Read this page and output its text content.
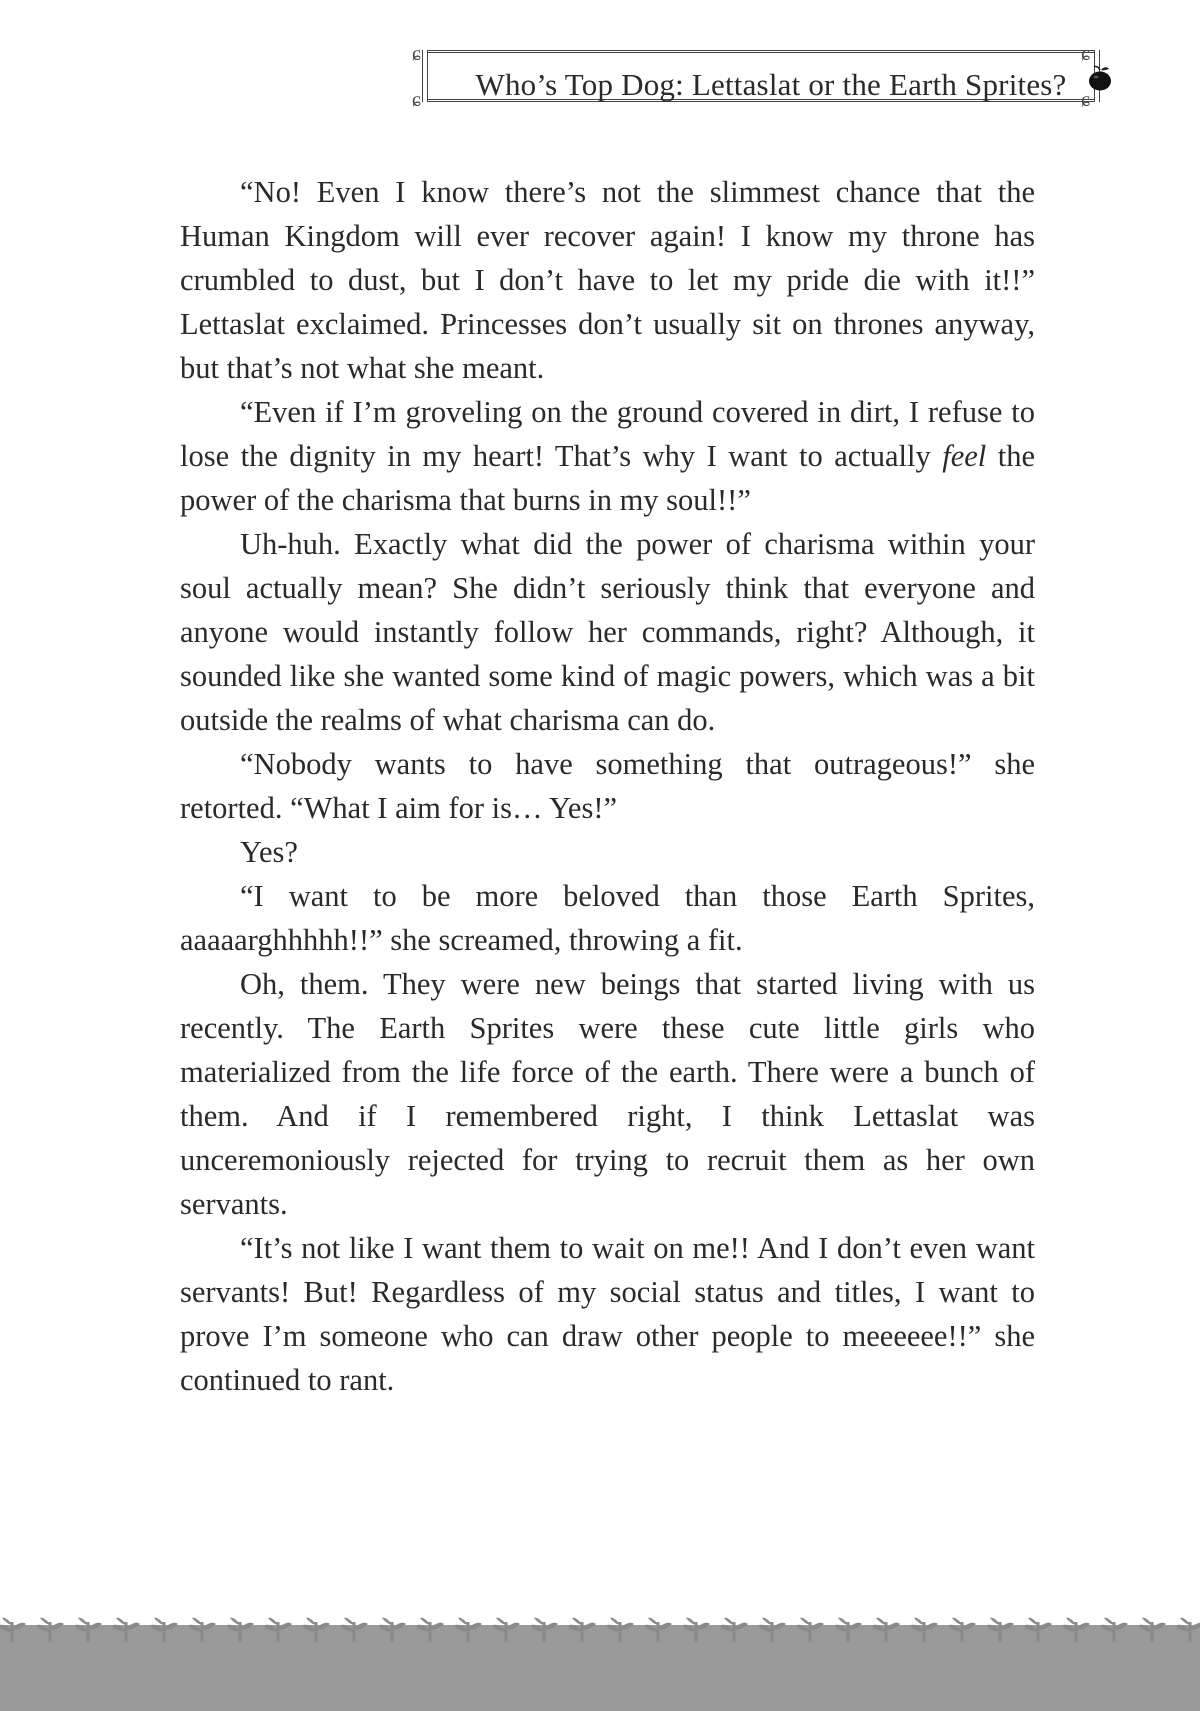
ɕ
ɕ	Who’s Top Dog: Lettaslat or the Earth Sprites?
ɕ
ɕ

“No! Even I know there’s not the slimmest chance that the Human Kingdom will ever recover again! I know my throne has crumbled to dust, but I don’t have to let my pride die with it!!” Lettaslat exclaimed. Princesses don’t usually sit on thrones anyway, but that’s not what she meant.

“Even if I’m groveling on the ground covered in dirt, I refuse to lose the dignity in my heart! That’s why I want to actually feel the power of the charisma that burns in my soul!!”

Uh-huh. Exactly what did the power of charisma within your soul actually mean? She didn’t seriously think that everyone and anyone would instantly follow her commands, right? Although, it sounded like she wanted some kind of magic powers, which was a bit outside the realms of what charisma can do.

“Nobody wants to have something that outrageous!” she retorted. “What I aim for is… Yes!”

Yes?

“I want to be more beloved than those Earth Sprites, aaaaarghhhhh!!” she screamed, throwing a fit.

Oh, them. They were new beings that started living with us recently. The Earth Sprites were these cute little girls who materialized from the life force of the earth. There were a bunch of them. And if I remembered right, I think Lettaslat was unceremoniously rejected for trying to recruit them as her own servants.

“It’s not like I want them to wait on me!! And I don’t even want servants! But! Regardless of my social status and titles, I want to prove I’m someone who can draw other people to meeeeee!!” she continued to rant.
